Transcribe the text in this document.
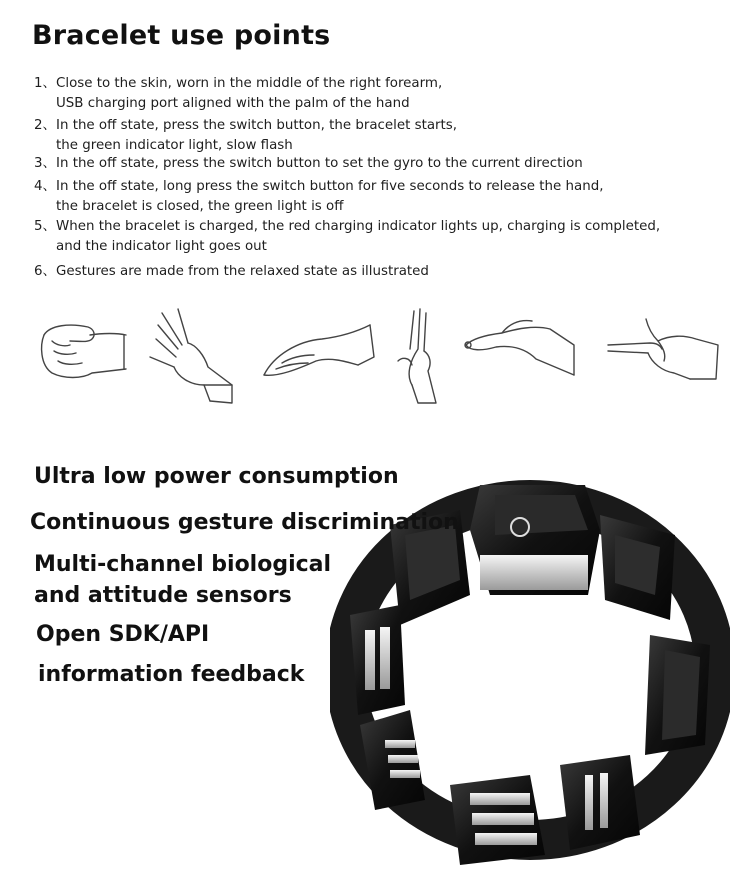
Bracelet use points
1、Close to the skin, worn in the middle of the right forearm,
USB charging port aligned with the palm of the hand
2、In the off state, press the switch button, the bracelet starts,
the green indicator light, slow flash
3、In the off state, press the switch button to set the gyro to the current direction
4、In the off state, long press the switch button for five seconds to release the hand,
the bracelet is closed, the green light is off
5、When the bracelet is charged, the red charging indicator lights up, charging is completed,
and the indicator light goes out
6、Gestures are made from the relaxed state as illustrated
Ultra low power consumption
Continuous gesture discrimination
Multi-channel biological
and attitude sensors
Open SDK/API
information feedback
